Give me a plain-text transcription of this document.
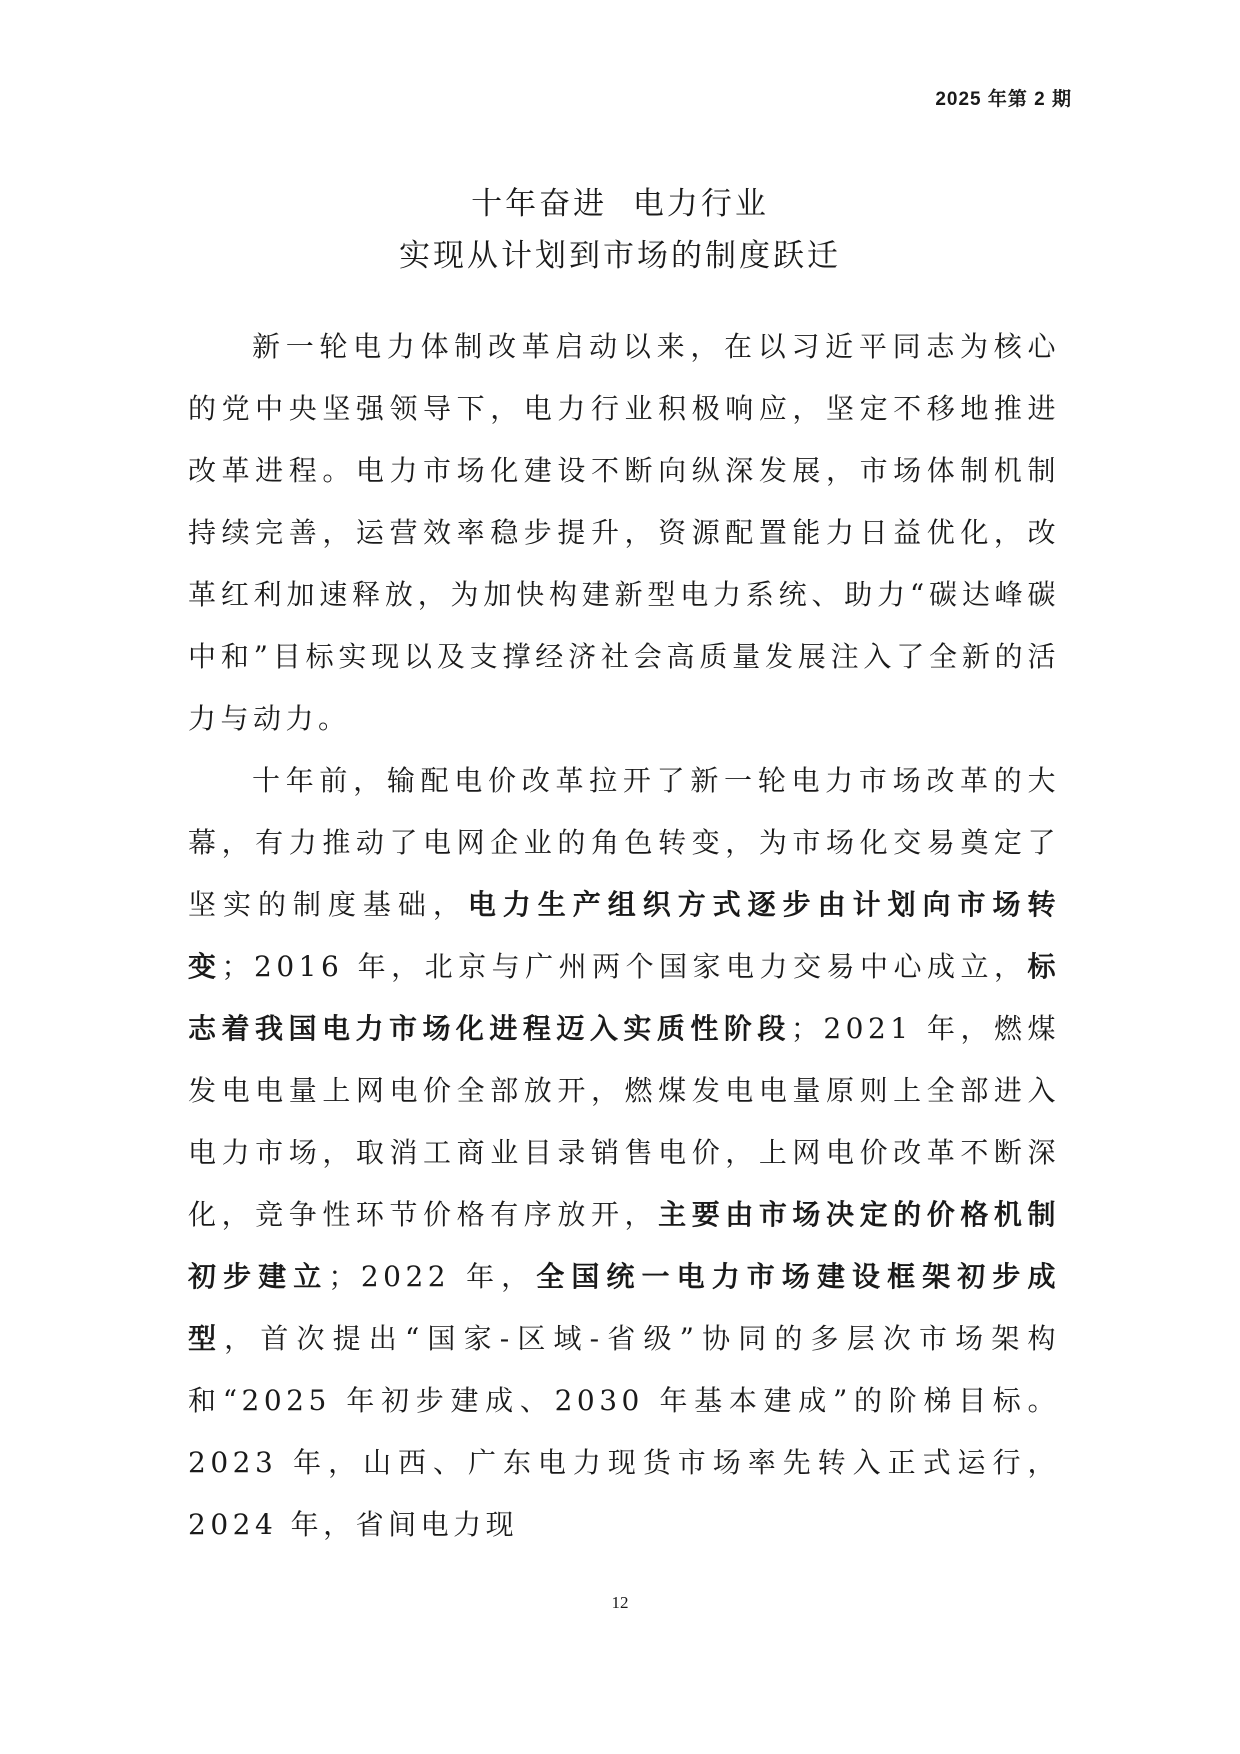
2025 年第 2 期
十年奋进  电力行业
实现从计划到市场的制度跃迁

新一轮电力体制改革启动以来，在以习近平同志为核心的党中央坚强领导下，电力行业积极响应，坚定不移地推进改革进程。电力市场化建设不断向纵深发展，市场体制机制持续完善，运营效率稳步提升，资源配置能力日益优化，改革红利加速释放，为加快构建新型电力系统、助力“碳达峰碳中和”目标实现以及支撑经济社会高质量发展注入了全新的活力与动力。

十年前，输配电价改革拉开了新一轮电力市场改革的大幕，有力推动了电网企业的角色转变，为市场化交易奠定了坚实的制度基础，电力生产组织方式逐步由计划向市场转变；2016 年，北京与广州两个国家电力交易中心成立，标志着我国电力市场化进程迈入实质性阶段；2021 年，燃煤发电电量上网电价全部放开，燃煤发电电量原则上全部进入电力市场，取消工商业目录销售电价，上网电价改革不断深化，竞争性环节价格有序放开，主要由市场决定的价格机制初步建立；2022 年，全国统一电力市场建设框架初步成型，首次提出“国家-区域-省级”协同的多层次市场架构和“2025 年初步建成、2030 年基本建成”的阶梯目标。2023 年，山西、广东电力现货市场率先转入正式运行，2024 年，省间电力现

12
